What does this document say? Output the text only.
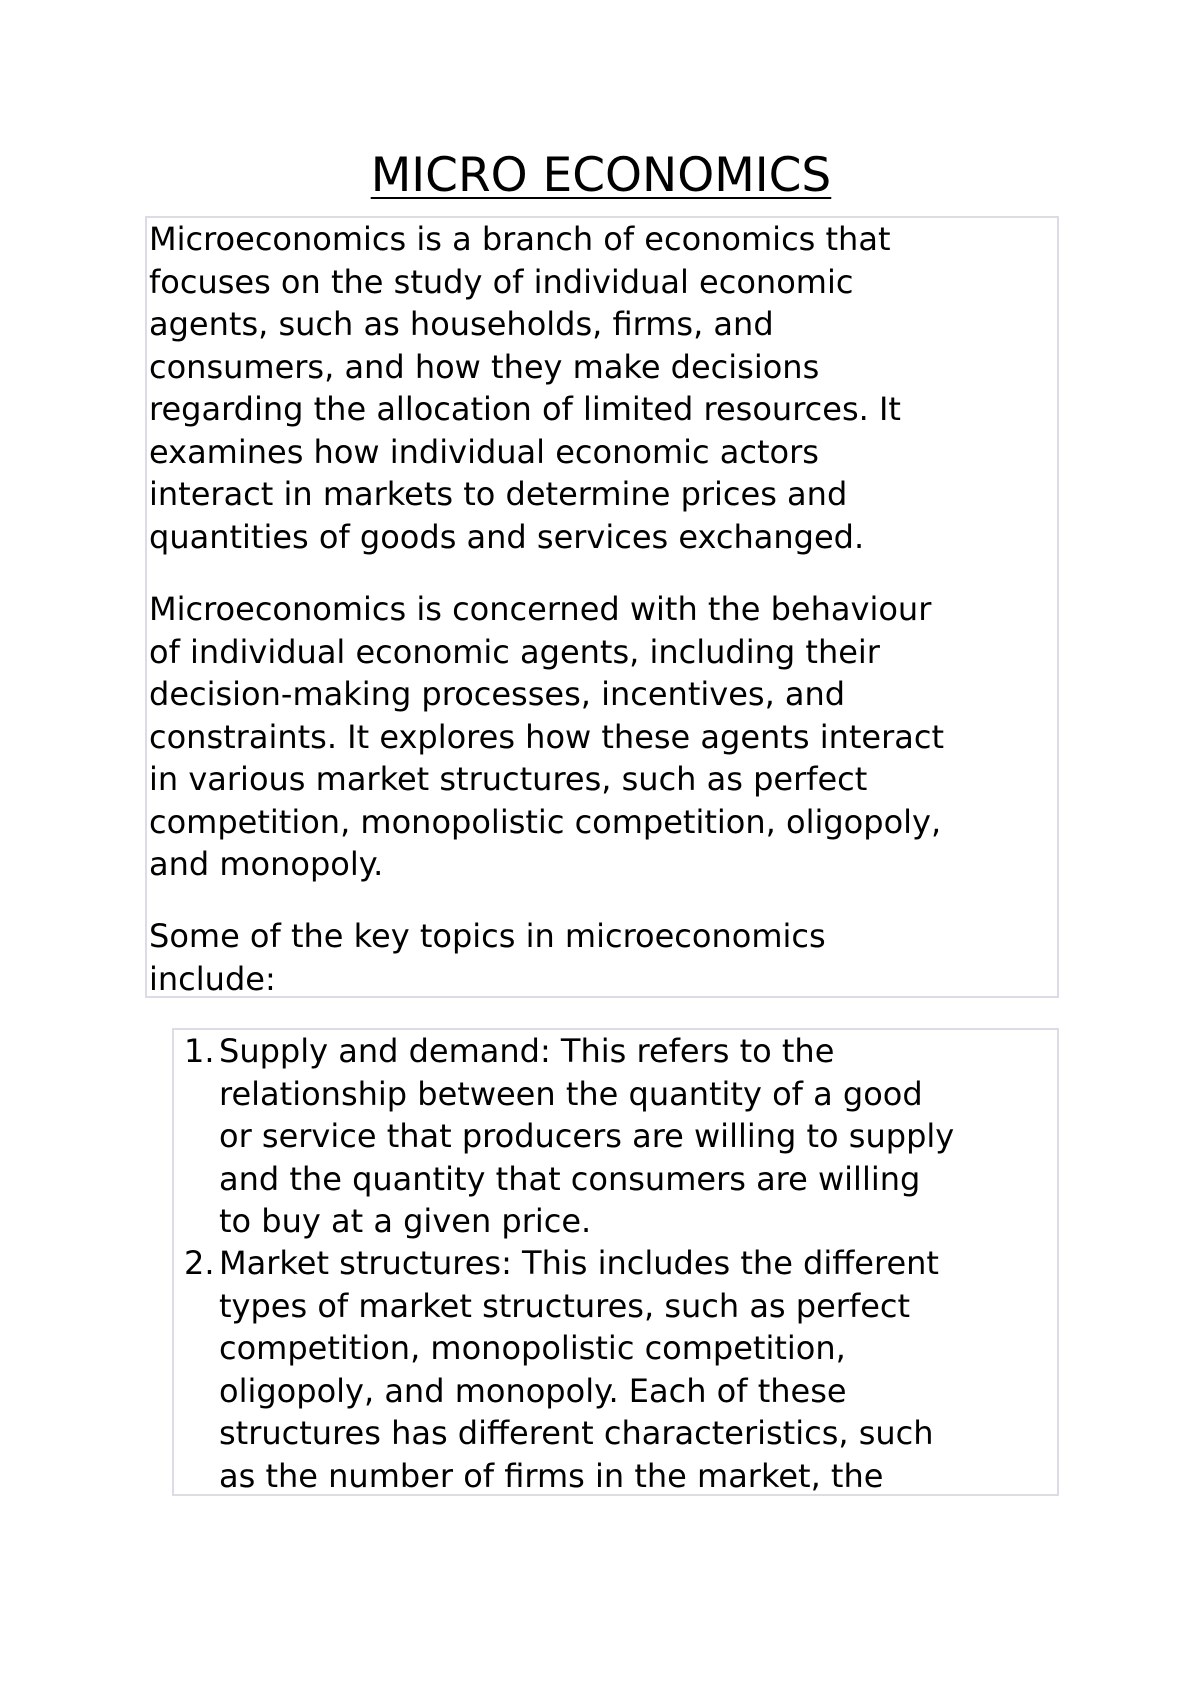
MICRO ECONOMICS

Microeconomics is a branch of economics that
focuses on the study of individual economic
agents, such as households, firms, and
consumers, and how they make decisions
regarding the allocation of limited resources. It
examines how individual economic actors
interact in markets to determine prices and
quantities of goods and services exchanged.

Microeconomics is concerned with the behaviour
of individual economic agents, including their
decision-making processes, incentives, and
constraints. It explores how these agents interact
in various market structures, such as perfect
competition, monopolistic competition, oligopoly,
and monopoly.

Some of the key topics in microeconomics
include:

1. Supply and demand: This refers to the
relationship between the quantity of a good
or service that producers are willing to supply
and the quantity that consumers are willing
to buy at a given price.
2. Market structures: This includes the different
types of market structures, such as perfect
competition, monopolistic competition,
oligopoly, and monopoly. Each of these
structures has different characteristics, such
as the number of firms in the market, the
